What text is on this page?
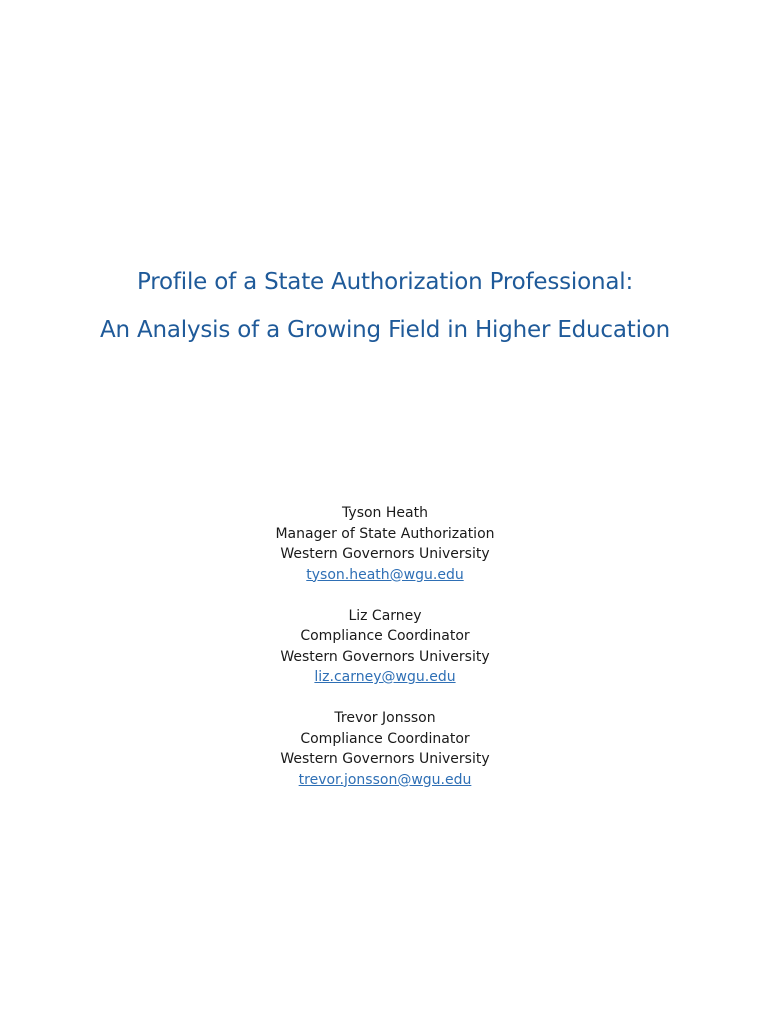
Profile of a State Authorization Professional:
An Analysis of a Growing Field in Higher Education
Tyson Heath
Manager of State Authorization
Western Governors University
tyson.heath@wgu.edu
Liz Carney
Compliance Coordinator
Western Governors University
liz.carney@wgu.edu
Trevor Jonsson
Compliance Coordinator
Western Governors University
trevor.jonsson@wgu.edu
